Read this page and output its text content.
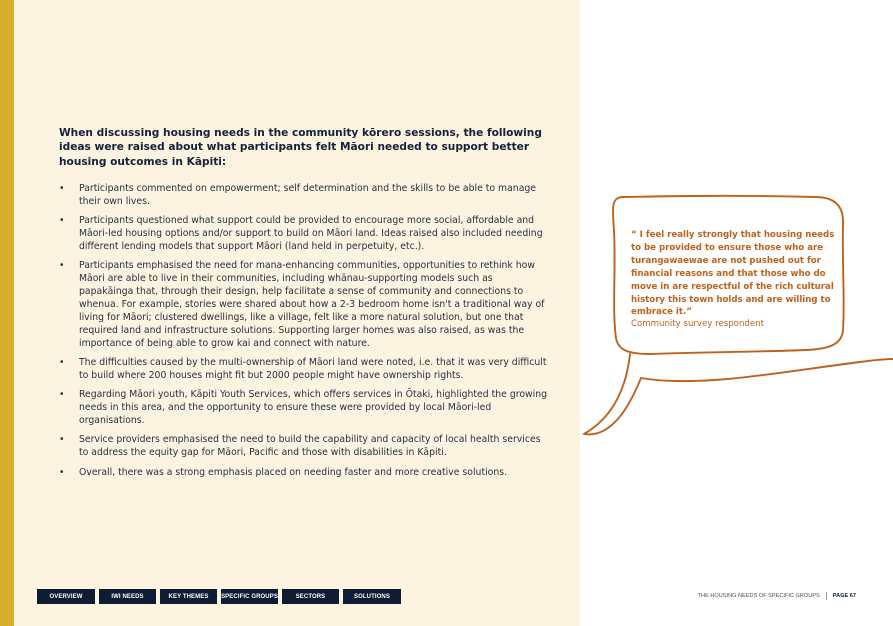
When discussing housing needs in the community kōrero sessions, the following ideas were raised about what participants felt Māori needed to support better housing outcomes in Kāpiti:

• Participants commented on empowerment; self determination and the skills to be able to manage their own lives.
• Participants questioned what support could be provided to encourage more social, affordable and Māori-led housing options and/or support to build on Māori land. Ideas raised also included needing different lending models that support Māori (land held in perpetuity, etc.).
• Participants emphasised the need for mana-enhancing communities, opportunities to rethink how Māori are able to live in their communities, including whānau-supporting models such as papakāinga that, through their design, help facilitate a sense of community and connections to whenua. For example, stories were shared about how a 2-3 bedroom home isn't a traditional way of living for Māori; clustered dwellings, like a village, felt like a more natural solution, but one that required land and infrastructure solutions. Supporting larger homes was also raised, as was the importance of being able to grow kai and connect with nature.
• The difficulties caused by the multi-ownership of Māori land were noted, i.e. that it was very difficult to build where 200 houses might fit but 2000 people might have ownership rights.
• Regarding Māori youth, Kāpiti Youth Services, which offers services in Ōtaki, highlighted the growing needs in this area, and the opportunity to ensure these were provided by local Māori-led organisations.
• Service providers emphasised the need to build the capability and capacity of local health services to address the equity gap for Māori, Pacific and those with disabilities in Kāpiti.
• Overall, there was a strong emphasis placed on needing faster and more creative solutions.

“ I feel really strongly that housing needs to be provided to ensure those who are turangawaewae are not pushed out for financial reasons and that those who do move in are respectful of the rich cultural history this town holds and are willing to embrace it.”

Community survey respondent

OVERVIEW	IWI NEEDS	KEY THEMES	SPECIFIC GROUPS	SECTORS	SOLUTIONS	THE HOUSING NEEDS OF SPECIFIC GROUPS PAGE 67
